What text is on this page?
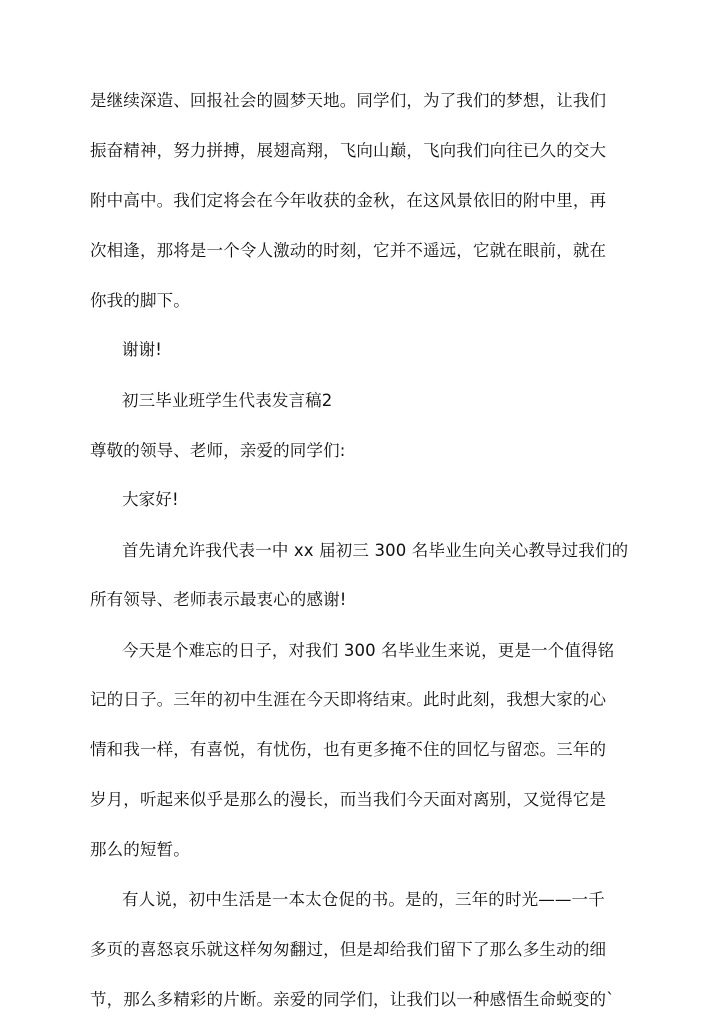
是继续深造、回报社会的圆梦天地。同学们，为了我们的梦想，让我们
振奋精神，努力拼搏，展翅高翔，飞向山巅，飞向我们向往已久的交大
附中高中。我们定将会在今年收获的金秋，在这风景依旧的附中里，再
次相逢，那将是一个令人激动的时刻，它并不遥远，它就在眼前，就在
你我的脚下。
谢谢!
初三毕业班学生代表发言稿2
尊敬的领导、老师，亲爱的同学们:
大家好!
首先请允许我代表一中 xx 届初三 300 名毕业生向关心教导过我们的
所有领导、老师表示最衷心的感谢!
今天是个难忘的日子，对我们 300 名毕业生来说，更是一个值得铭
记的日子。三年的初中生涯在今天即将结束。此时此刻，我想大家的心
情和我一样，有喜悦，有忧伤，也有更多掩不住的回忆与留恋。三年的
岁月，听起来似乎是那么的漫长，而当我们今天面对离别，又觉得它是
那么的短暂。
有人说，初中生活是一本太仓促的书。是的，三年的时光——一千
多页的喜怒哀乐就这样匆匆翻过，但是却给我们留下了那么多生动的细
节，那么多精彩的片断。亲爱的同学们，让我们以一种感悟生命蜕变的`
